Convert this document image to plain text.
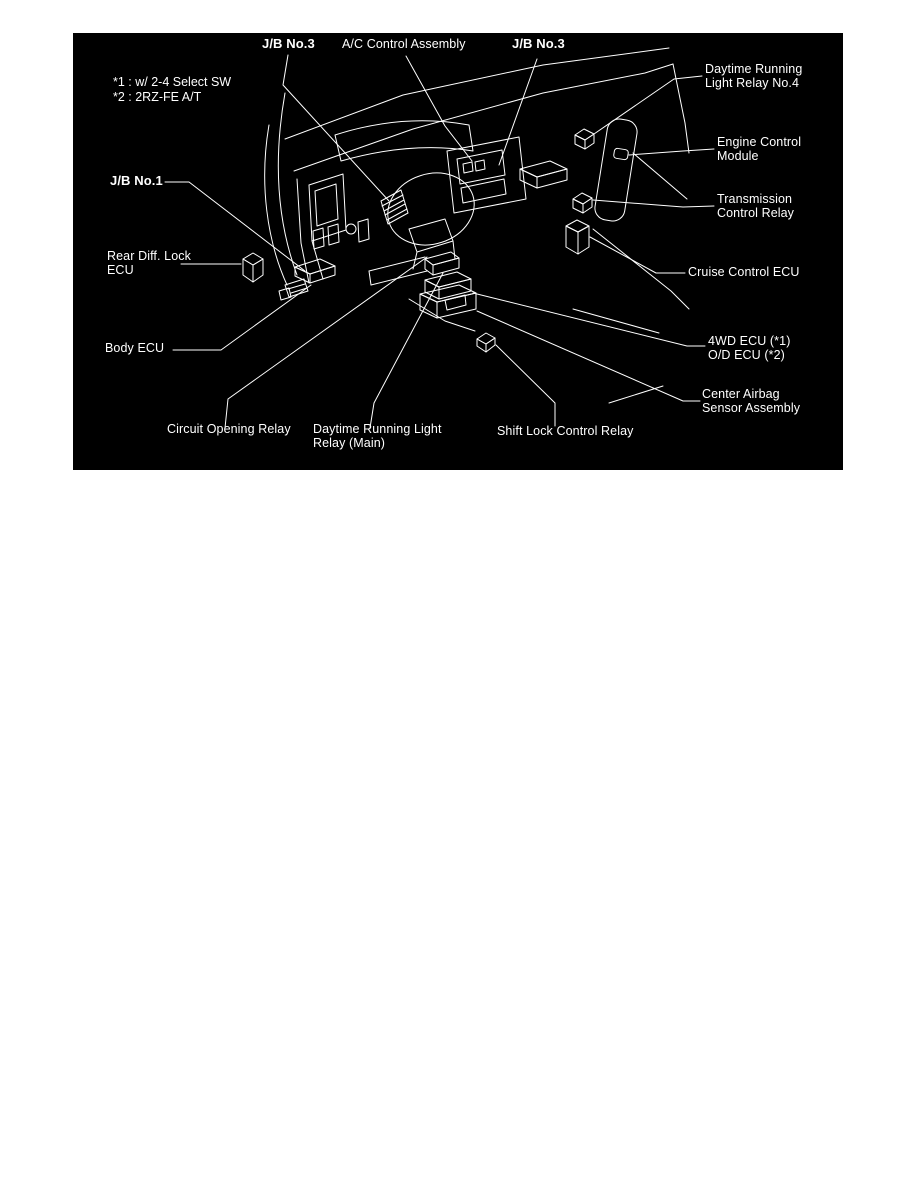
*1 : w/ 2-4 Select SW
*2 : 2RZ-FE A/T
J/B No.3 A/C Control Assembly	J/B No.3
Daytime Running
Light Relay No.4
Engine Control
Module
Transmission
Control Relay
Cruise Control ECU
J/B No.1
Rear Diff. Lock
ECU
Body ECU	4WD ECU (*1)
O/D ECU (*2)
Center Airbag
Sensor Assembly
Circuit Opening Relay Daytime Running Light
Relay (Main)
Shift Lock Control Relay
